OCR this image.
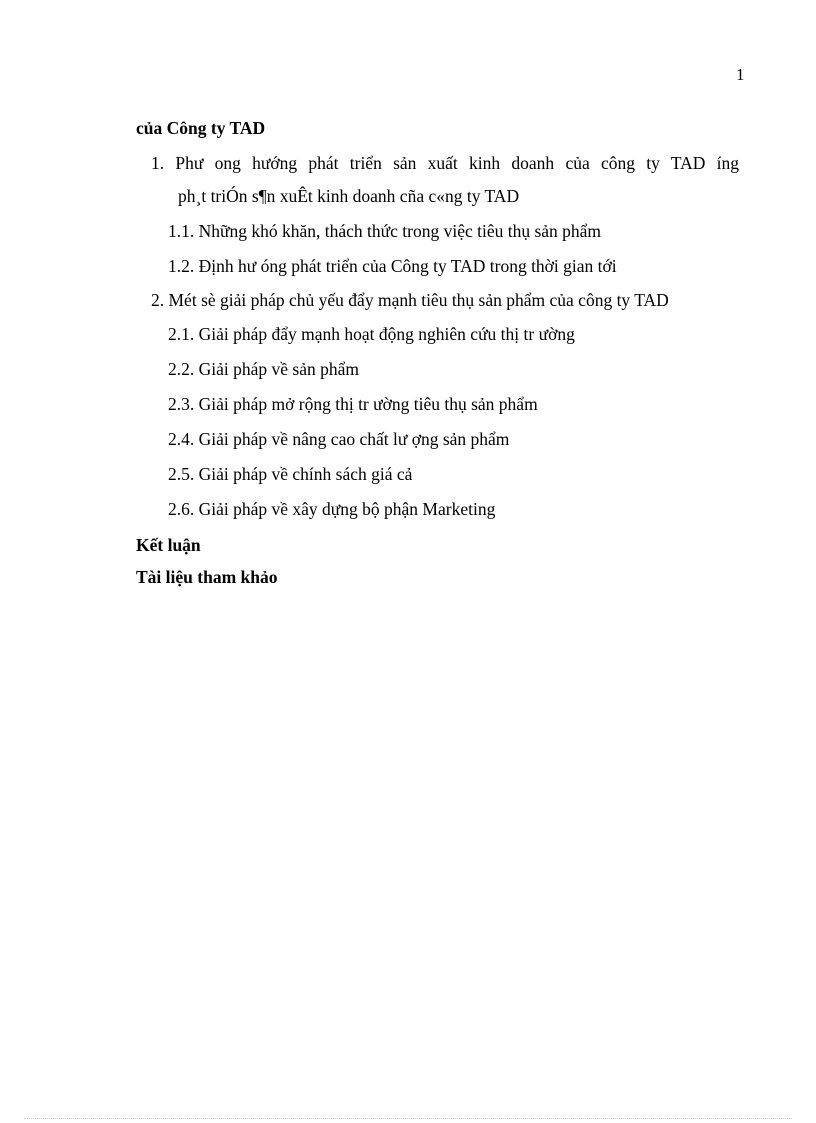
1
của Công ty TAD
1. Phư ong hướng phát triển sản xuất kinh doanh của công ty TAD íng
ph¸t triÓn s¶n xuÊt kinh doanh cña c«ng ty TAD
1.1. Những khó khăn, thách thức trong việc tiêu thụ sản phẩm
1.2. Định hư óng phát triển của Công ty TAD trong thời gian tới
2. Mét sè giải pháp chủ yếu đẩy mạnh tiêu thụ sản phẩm của công ty TAD
2.1. Giải pháp đẩy mạnh hoạt động nghiên cứu thị tr ường
2.2. Giải pháp về sản phẩm
2.3. Giải pháp mở rộng thị tr ường tiêu thụ sản phẩm
2.4. Giải pháp về nâng cao chất lư ợng sản phẩm
2.5. Giải pháp về chính sách giá cả
2.6. Giải pháp về xây dựng bộ phận Marketing
Kết luận
Tài liệu tham khảo
